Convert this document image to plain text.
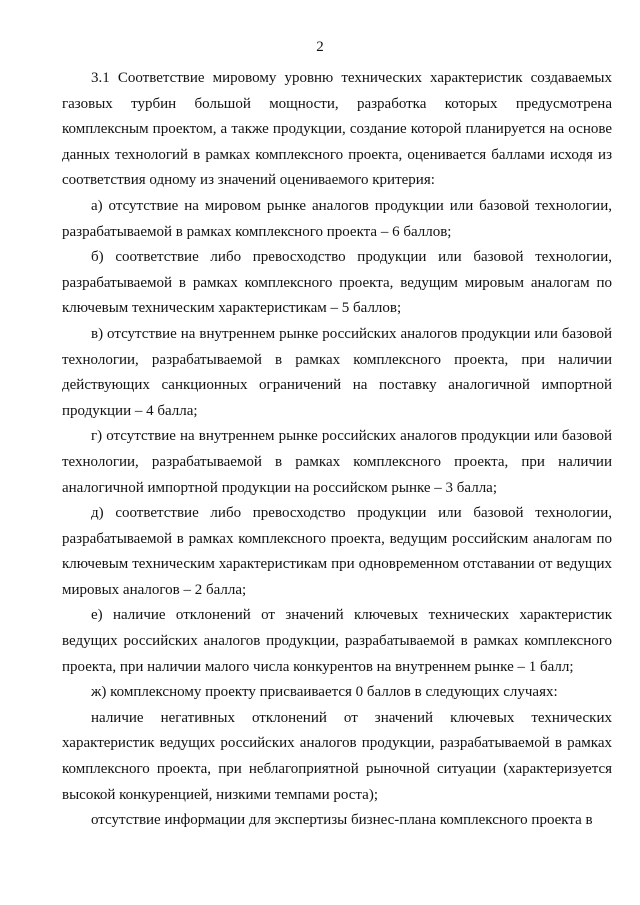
2

3.1 Соответствие мировому уровню технических характеристик создаваемых газовых турбин большой мощности, разработка которых предусмотрена комплексным проектом, а также продукции, создание которой планируется на основе данных технологий в рамках комплексного проекта, оценивается баллами исходя из соответствия одному из значений оцениваемого критерия:

а) отсутствие на мировом рынке аналогов продукции или базовой технологии, разрабатываемой в рамках комплексного проекта – 6 баллов;

б) соответствие либо превосходство продукции или базовой технологии, разрабатываемой в рамках комплексного проекта, ведущим мировым аналогам по ключевым техническим характеристикам – 5 баллов;

в) отсутствие на внутреннем рынке российских аналогов продукции или базовой технологии, разрабатываемой в рамках комплексного проекта, при наличии действующих санкционных ограничений на поставку аналогичной импортной продукции – 4 балла;

г) отсутствие на внутреннем рынке российских аналогов продукции или базовой технологии, разрабатываемой в рамках комплексного проекта, при наличии аналогичной импортной продукции на российском рынке – 3 балла;

д) соответствие либо превосходство продукции или базовой технологии, разрабатываемой в рамках комплексного проекта, ведущим российским аналогам по ключевым техническим характеристикам при одновременном отставании от ведущих мировых аналогов – 2 балла;

е) наличие отклонений от значений ключевых технических характеристик ведущих российских аналогов продукции, разрабатываемой в рамках комплексного проекта, при наличии малого числа конкурентов на внутреннем рынке – 1 балл;

ж) комплексному проекту присваивается 0 баллов в следующих случаях:

наличие негативных отклонений от значений ключевых технических характеристик ведущих российских аналогов продукции, разрабатываемой в рамках комплексного проекта, при неблагоприятной рыночной ситуации (характеризуется высокой конкуренцией, низкими темпами роста);

отсутствие информации для экспертизы бизнес-плана комплексного проекта в
